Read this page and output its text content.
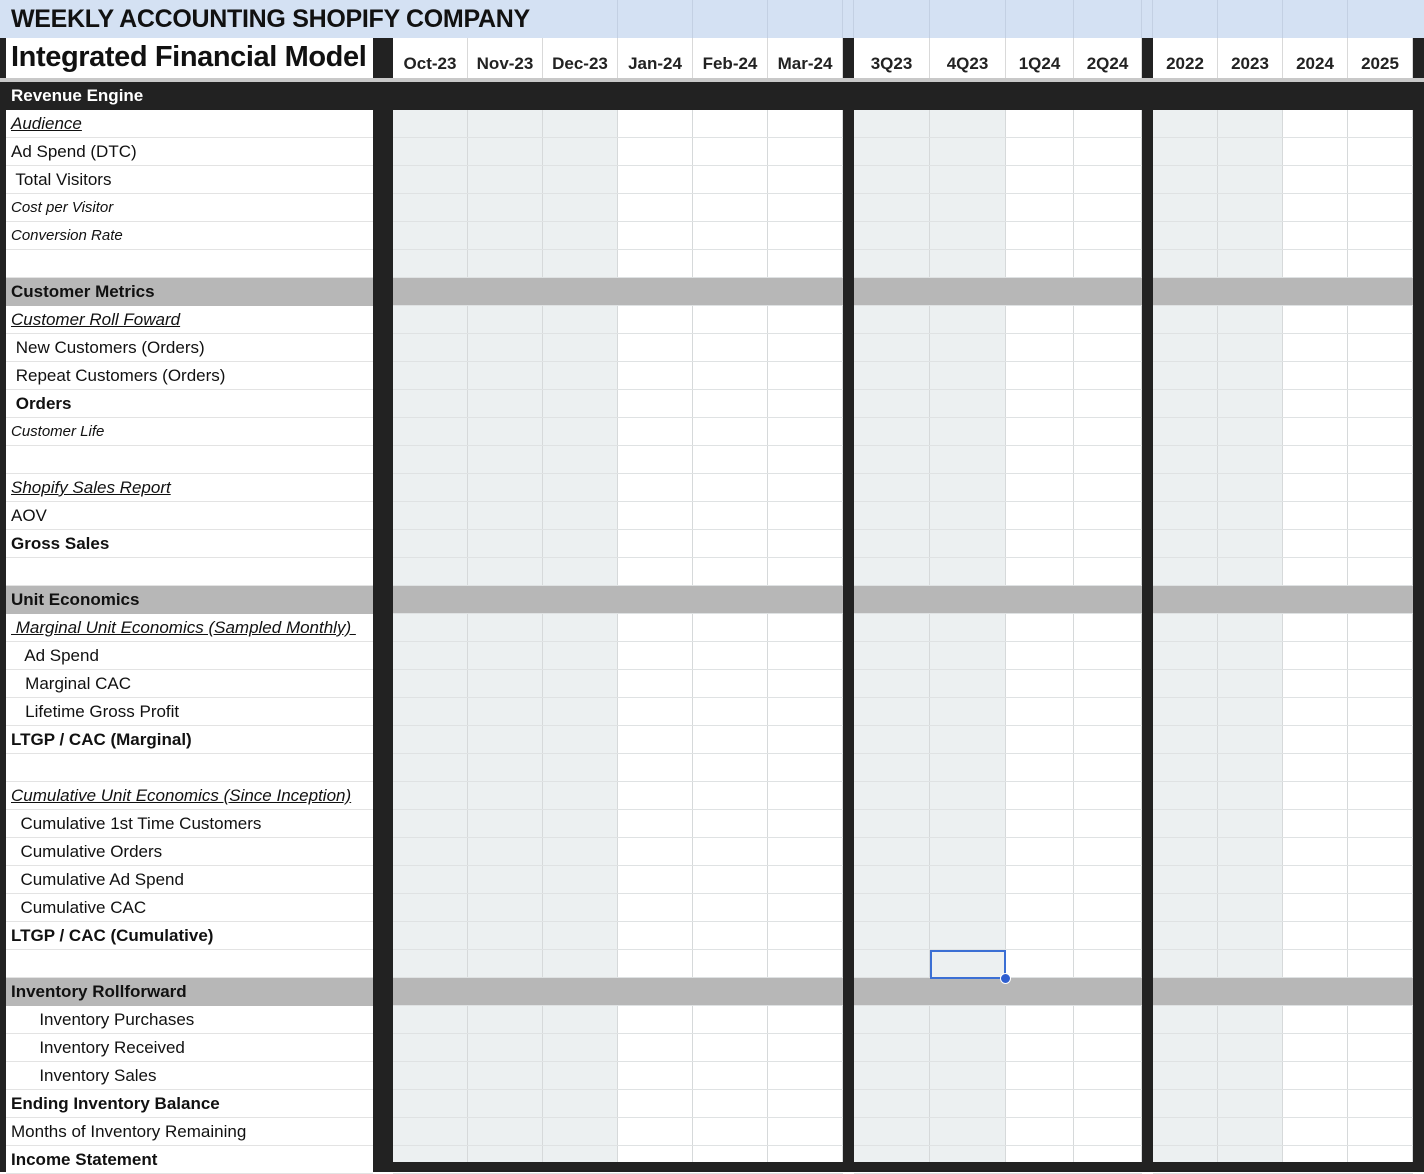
WEEKLY ACCOUNTING SHOPIFY COMPANY
Integrated Financial Model	Oct-23	Nov-23	Dec-23	Jan-24	Feb-24	Mar-24	3Q23	4Q23	1Q24	2Q24	2022	2023	2024	2025
Revenue Engine
Audience
Ad Spend (DTC)
Total Visitors
Cost per Visitor
Conversion Rate
Customer Metrics
Customer Roll Foward
New Customers (Orders)
Repeat Customers (Orders)
Orders
Customer Life
Shopify Sales Report
AOV
Gross Sales
Unit Economics
Marginal Unit Economics (Sampled Monthly)
Ad Spend
Marginal CAC
Lifetime Gross Profit
LTGP / CAC (Marginal)
Cumulative Unit Economics (Since Inception)
Cumulative 1st Time Customers
Cumulative Orders
Cumulative Ad Spend
Cumulative CAC
LTGP / CAC (Cumulative)
Inventory Rollforward
Inventory Purchases
Inventory Received
Inventory Sales
Ending Inventory Balance
Months of Inventory Remaining
Income Statement
